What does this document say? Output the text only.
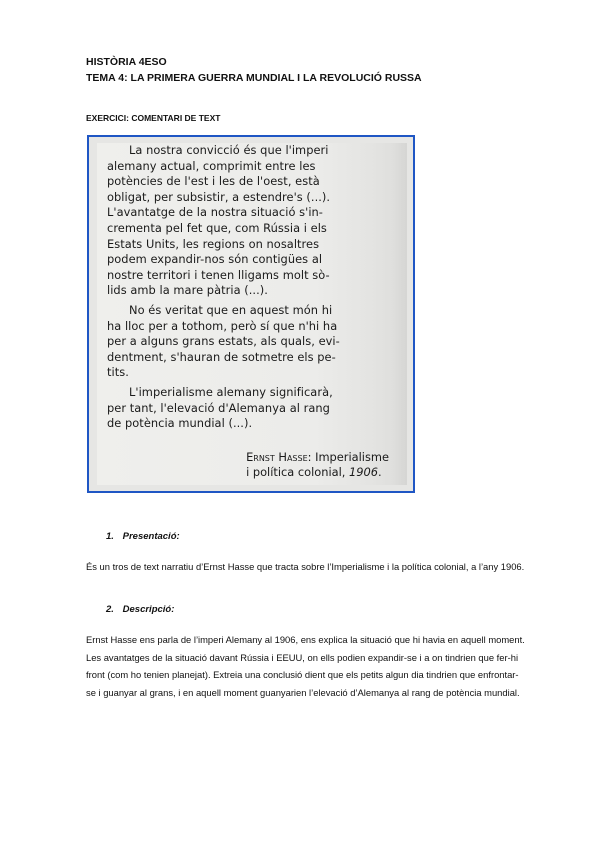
HISTÒRIA 4ESO

TEMA 4: LA PRIMERA GUERRA MUNDIAL I LA REVOLUCIÓ RUSSA

EXERCICI: COMENTARI DE TEXT

La nostra convicció és que l'imperi
alemany actual, comprimit entre les
potències de l'est i les de l'oest, està
obligat, per subsistir, a estendre's (...).
L'avantatge de la nostra situació s'in-
crementa pel fet que, com Rússia i els
Estats Units, les regions on nosaltres
podem expandir-nos són contigües al
nostre territori i tenen lligams molt sò-
lids amb la mare pàtria (...).

No és veritat que en aquest món hi
ha lloc per a tothom, però sí que n'hi ha
per a alguns grans estats, als quals, evi-
dentment, s'hauran de sotmetre els pe-
tits.

L'imperialisme alemany significarà,
per tant, l'elevació d'Alemanya al rang
de potència mundial (...).

Ernst Hasse: Imperialisme
i política colonial, 1906.

1. Presentació:

És un tros de text narratiu d’Ernst Hasse que tracta sobre l’Imperialisme i la política colonial, a l’any 1906.

2. Descripció:

Ernst Hasse ens parla de l’imperi Alemany al 1906, ens explica la situació que hi havia en aquell moment. Les avantatges de la situació davant Rússia i EEUU, on ells podien expandir-se i a on tindrien que fer-hi front (com ho tenien planejat). Extreia una conclusió dient que els petits algun dia tindrien que enfrontar-se i guanyar al grans, i en aquell moment guanyarien l’elevació d’Alemanya al rang de potència mundial.
